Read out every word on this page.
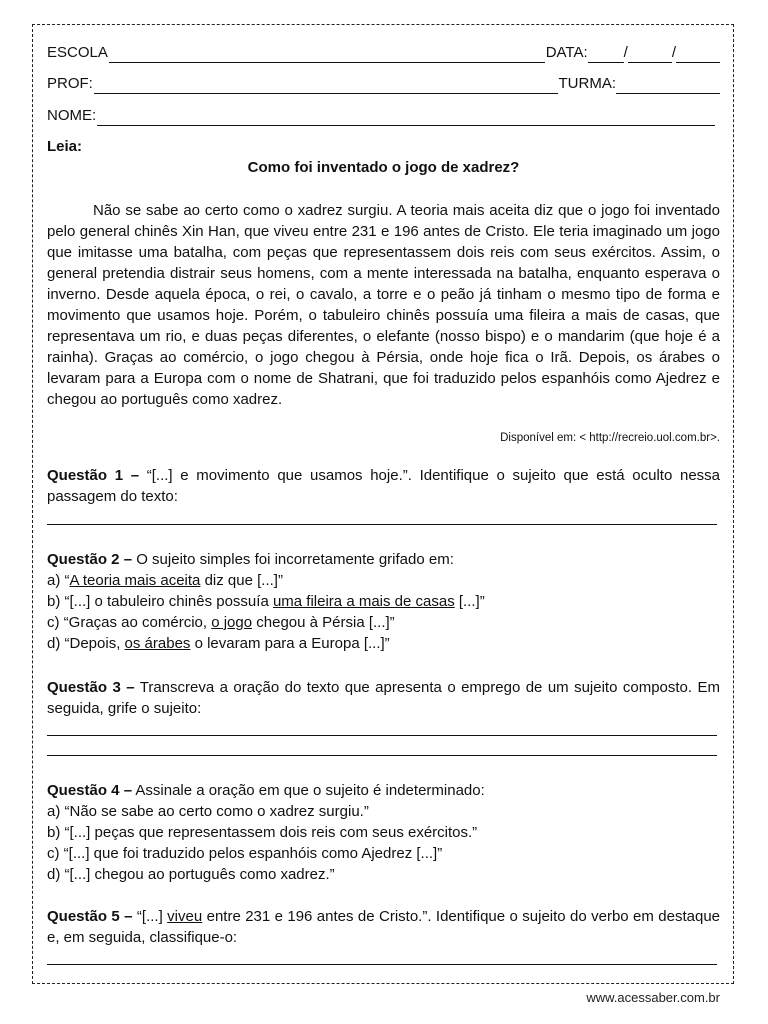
ESCOLA	DATA: /	/
PROF:	TURMA:
NOME:
Leia:
Como foi inventado o jogo de xadrez?
Não se sabe ao certo como o xadrez surgiu. A teoria mais aceita diz que o jogo foi inventado pelo general chinês Xin Han, que viveu entre 231 e 196 antes de Cristo. Ele teria imaginado um jogo que imitasse uma batalha, com peças que representassem dois reis com seus exércitos. Assim, o general pretendia distrair seus homens, com a mente interessada na batalha, enquanto esperava o inverno. Desde aquela época, o rei, o cavalo, a torre e o peão já tinham o mesmo tipo de forma e movimento que usamos hoje. Porém, o tabuleiro chinês possuía uma fileira a mais de casas, que representava um rio, e duas peças diferentes, o elefante (nosso bispo) e o mandarim (que hoje é a rainha). Graças ao comércio, o jogo chegou à Pérsia, onde hoje fica o Irã. Depois, os árabes o levaram para a Europa com o nome de Shatrani, que foi traduzido pelos espanhóis como Ajedrez e chegou ao português como xadrez.
Disponível em: < http://recreio.uol.com.br>.
Questão 1 – “[...] e movimento que usamos hoje.”. Identifique o sujeito que está oculto nessa passagem do texto:
Questão 2 – O sujeito simples foi incorretamente grifado em:
a) “A teoria mais aceita diz que [...]”
b) “[...] o tabuleiro chinês possuía uma fileira a mais de casas [...]”
c) “Graças ao comércio, o jogo chegou à Pérsia [...]”
d) “Depois, os árabes o levaram para a Europa [...]”
Questão 3 – Transcreva a oração do texto que apresenta o emprego de um sujeito composto. Em seguida, grife o sujeito:
Questão 4 – Assinale a oração em que o sujeito é indeterminado:
a) “Não se sabe ao certo como o xadrez surgiu.”
b) “[...] peças que representassem dois reis com seus exércitos.”
c) “[...] que foi traduzido pelos espanhóis como Ajedrez [...]”
d) “[...] chegou ao português como xadrez.”
Questão 5 – “[...] viveu entre 231 e 196 antes de Cristo.”. Identifique o sujeito do verbo em destaque e, em seguida, classifique-o:
www.acessaber.com.br
